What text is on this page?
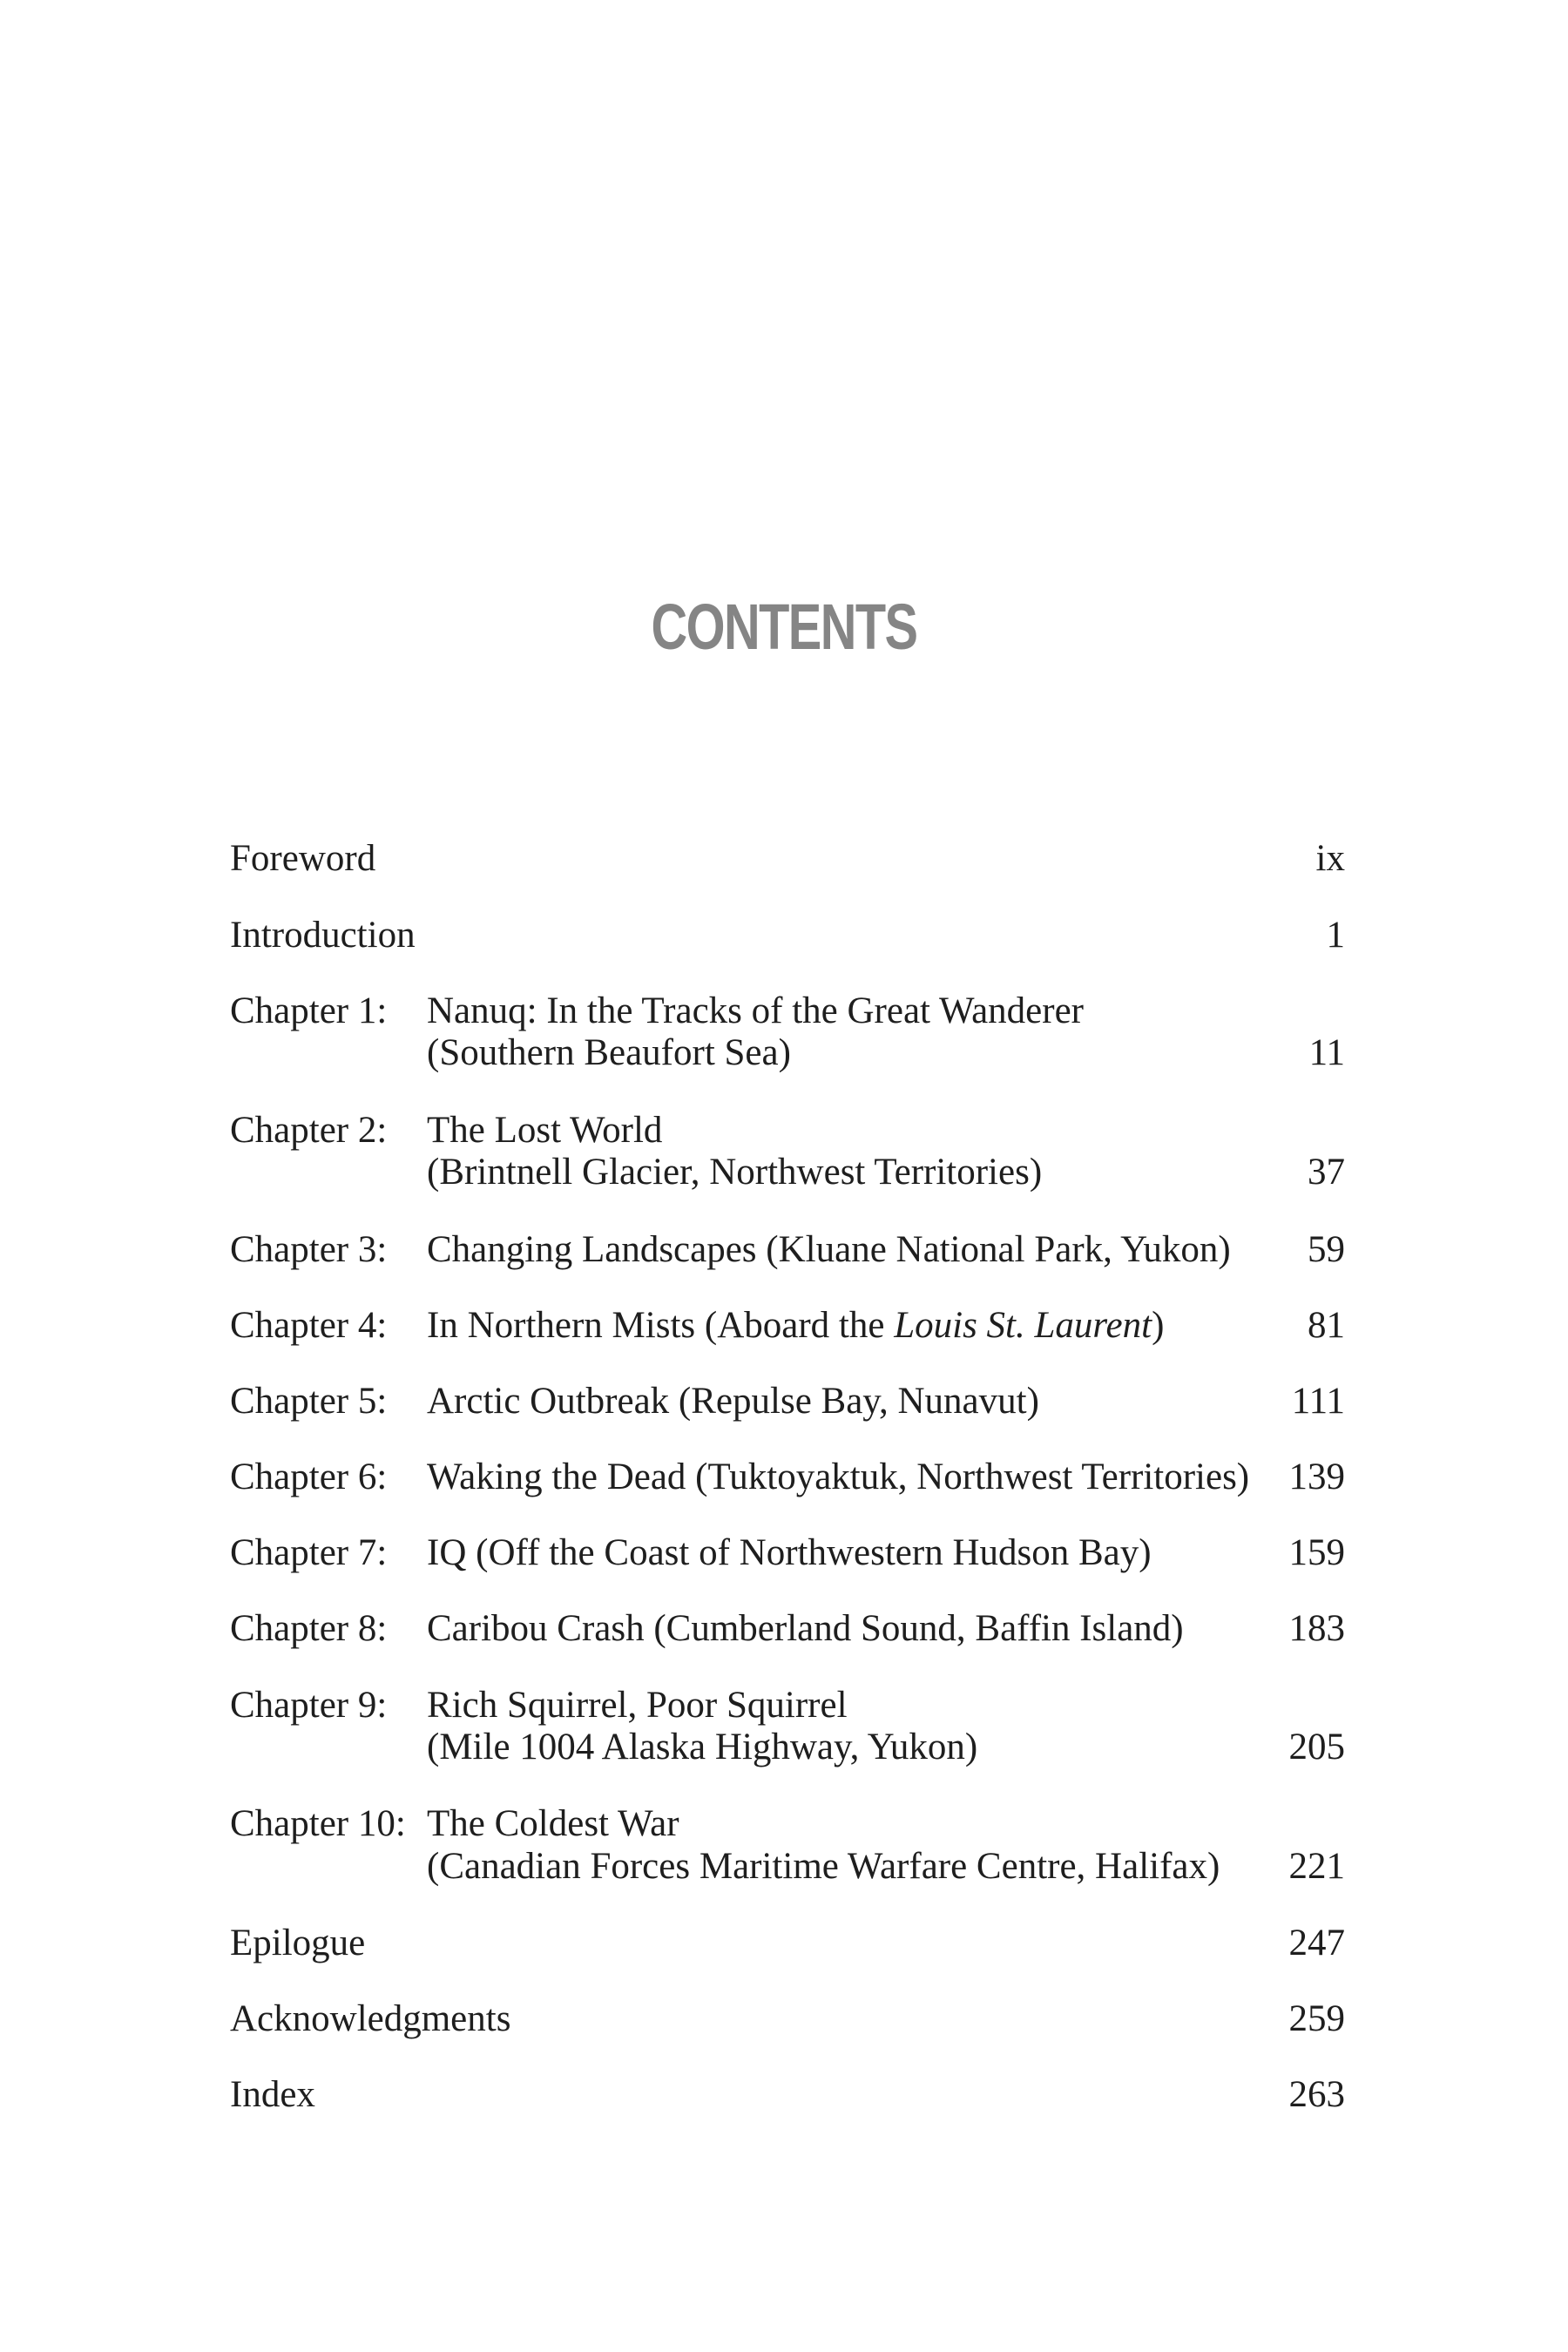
CONTENTS
Foreword	ix
Introduction	1
Chapter 1: Nanuq: In the Tracks of the Great Wanderer
(Southern Beaufort Sea)	11
Chapter 2: The Lost World
(Brintnell Glacier, Northwest Territories)	37
Chapter 3: Changing Landscapes (Kluane National Park, Yukon) 59
Chapter 4: In Northern Mists (Aboard the Louis St. Laurent)	81
Chapter 5: Arctic Outbreak (Repulse Bay, Nunavut)	111
Chapter 6: Waking the Dead (Tuktoyaktuk, Northwest Territories) 139
Chapter 7: IQ (Off the Coast of Northwestern Hudson Bay)	159
Chapter 8: Caribou Crash (Cumberland Sound, Baffin Island)	183
Chapter 9: Rich Squirrel, Poor Squirrel
(Mile 1004 Alaska Highway, Yukon)	205
Chapter 10: The Coldest War
(Canadian Forces Maritime Warfare Centre, Halifax) 221
Epilogue	247
Acknowledgments	259
Index	263
